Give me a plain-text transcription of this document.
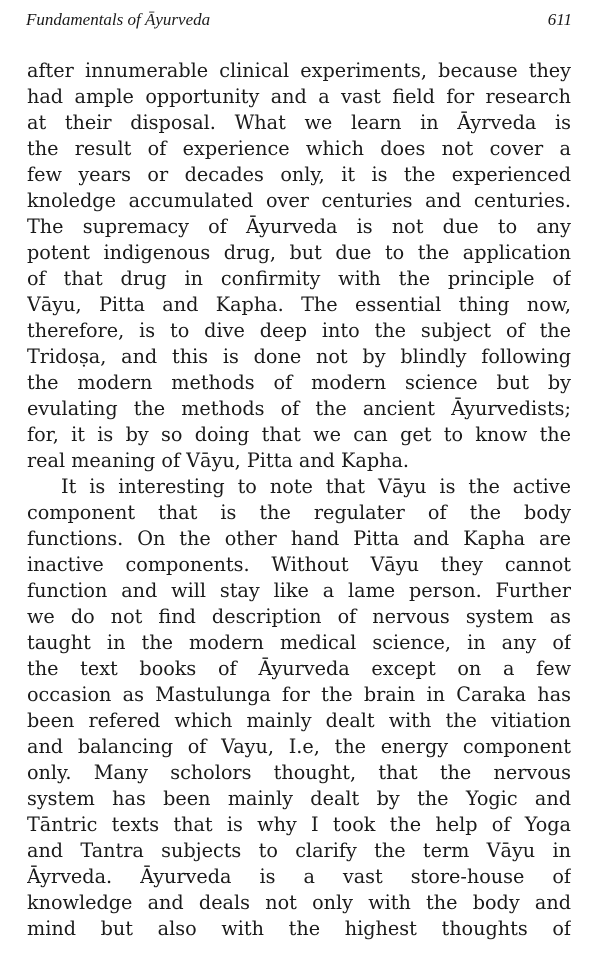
Fundamentals of Āyurveda	611
after innumerable clinical experiments, because they
had ample opportunity and a vast field for research
at their disposal. What we learn in Āyrveda is
the result of experience which does not cover a
few years or decades only, it is the experienced
knoledge accumulated over centuries and centuries.
The supremacy of Āyurveda is not due to any
potent indigenous drug, but due to the application
of that drug in confirmity with the principle of
Vāyu, Pitta and Kapha. The essential thing now,
therefore, is to dive deep into the subject of the
Tridoṣa, and this is done not by blindly following
the modern methods of modern science but by
evulating the methods of the ancient Āyurvedists;
for, it is by so doing that we can get to know the
real meaning of Vāyu, Pitta and Kapha.
It is interesting to note that Vāyu is the active
component that is the regulater of the body
functions. On the other hand Pitta and Kapha are
inactive components. Without Vāyu they cannot
function and will stay like a lame person. Further
we do not find description of nervous system as
taught in the modern medical science, in any of
the text books of Āyurveda except on a few
occasion as Mastulunga for the brain in Caraka has
been refered which mainly dealt with the vitiation
and balancing of Vayu, I.e, the energy component
only. Many scholors thought, that the nervous
system has been mainly dealt by the Yogic and
Tāntric texts that is why I took the help of Yoga
and Tantra subjects to clarify the term Vāyu in
Āyrveda. Āyurveda is a vast store-house of
knowledge and deals not only with the body and
mind but also with the highest thoughts of
